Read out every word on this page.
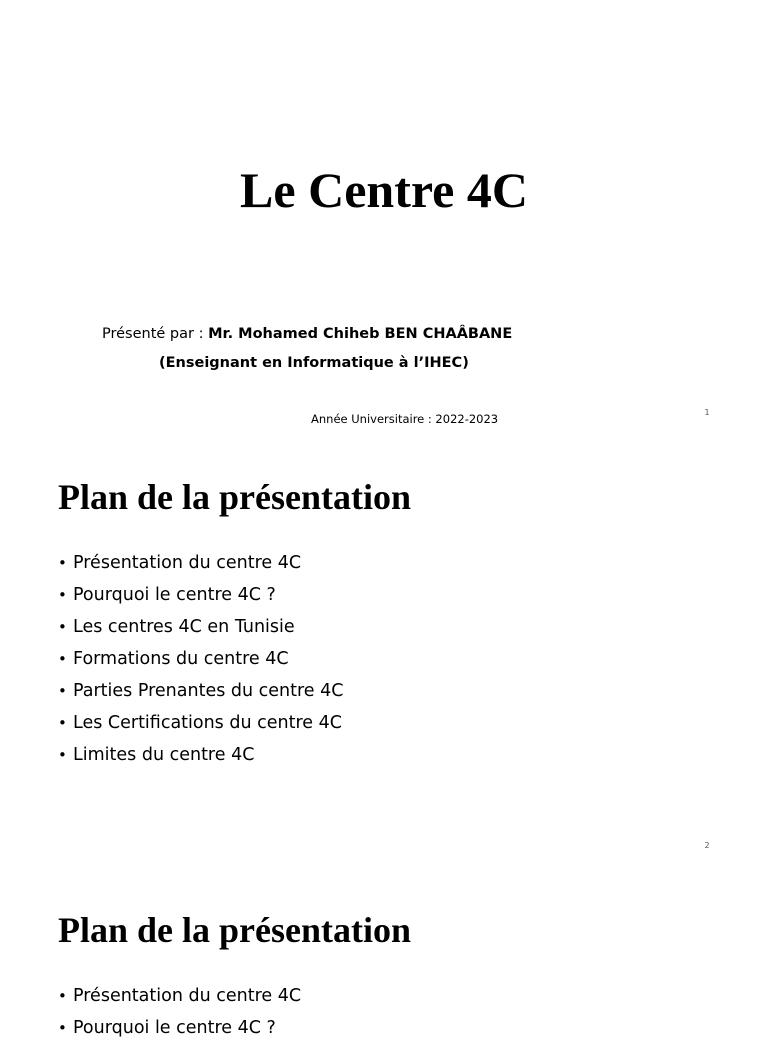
Le Centre 4C
Présenté par : Mr. Mohamed Chiheb BEN CHAÂBANE
(Enseignant en Informatique à l’IHEC)
Année Universitaire : 2022-2023	1
Plan de la présentation
• Présentation du centre 4C
• Pourquoi le centre 4C ?
• Les centres 4C en Tunisie
• Formations du centre 4C
• Parties Prenantes du centre 4C
• Les Certifications du centre 4C
• Limites du centre 4C
2
Plan de la présentation
• Présentation du centre 4C
• Pourquoi le centre 4C ?
